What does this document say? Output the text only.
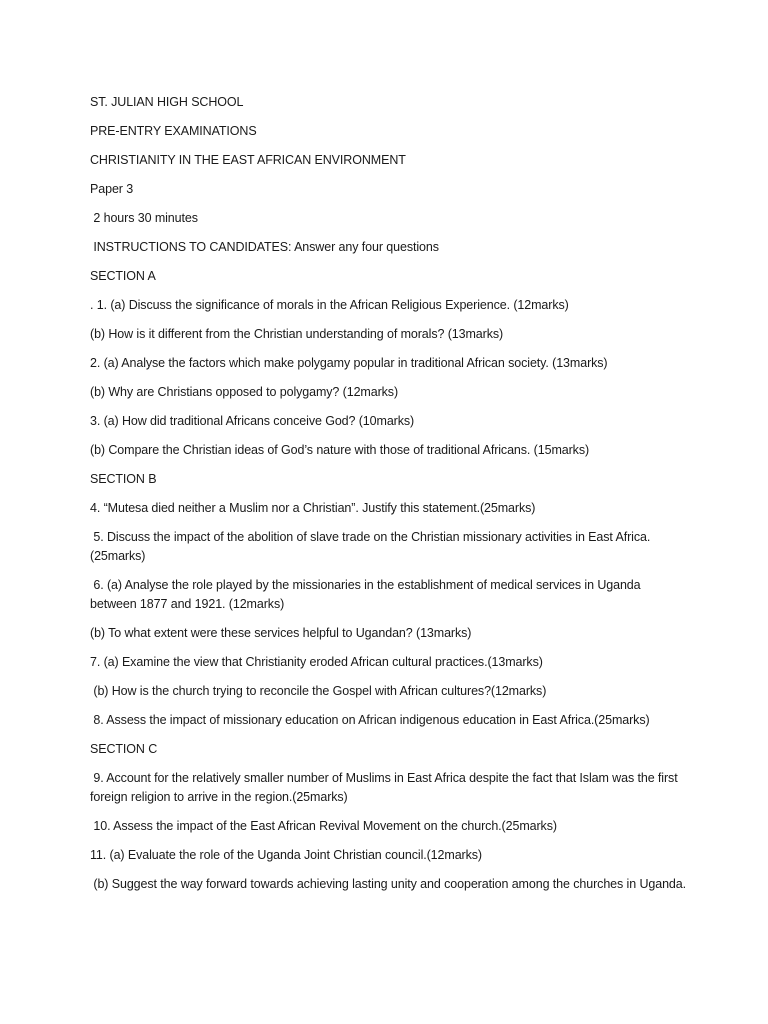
ST. JULIAN HIGH SCHOOL

PRE-ENTRY EXAMINATIONS

CHRISTIANITY IN THE EAST AFRICAN ENVIRONMENT

Paper 3

2 hours 30 minutes

INSTRUCTIONS TO CANDIDATES: Answer any four questions

SECTION A

. 1. (a) Discuss the significance of morals in the African Religious Experience. (12marks)

(b) How is it different from the Christian understanding of morals? (13marks)

2. (a) Analyse the factors which make polygamy popular in traditional African society. (13marks)

(b) Why are Christians opposed to polygamy? (12marks)

3. (a) How did traditional Africans conceive God? (10marks)

(b) Compare the Christian ideas of God’s nature with those of traditional Africans. (15marks)

SECTION B

4. “Mutesa died neither a Muslim nor a Christian”. Justify this statement.(25marks)

5. Discuss the impact of the abolition of slave trade on the Christian missionary activities in East Africa. (25marks)

6. (a) Analyse the role played by the missionaries in the establishment of medical services in Uganda between 1877 and 1921. (12marks)

(b) To what extent were these services helpful to Ugandan? (13marks)

7. (a) Examine the view that Christianity eroded African cultural practices.(13marks)

(b) How is the church trying to reconcile the Gospel with African cultures?(12marks)

8. Assess the impact of missionary education on African indigenous education in East Africa.(25marks)

SECTION C

9. Account for the relatively smaller number of Muslims in East Africa despite the fact that Islam was the first foreign religion to arrive in the region.(25marks)

10. Assess the impact of the East African Revival Movement on the church.(25marks)

11. (a) Evaluate the role of the Uganda Joint Christian council.(12marks)

(b) Suggest the way forward towards achieving lasting unity and cooperation among the churches in Uganda.
